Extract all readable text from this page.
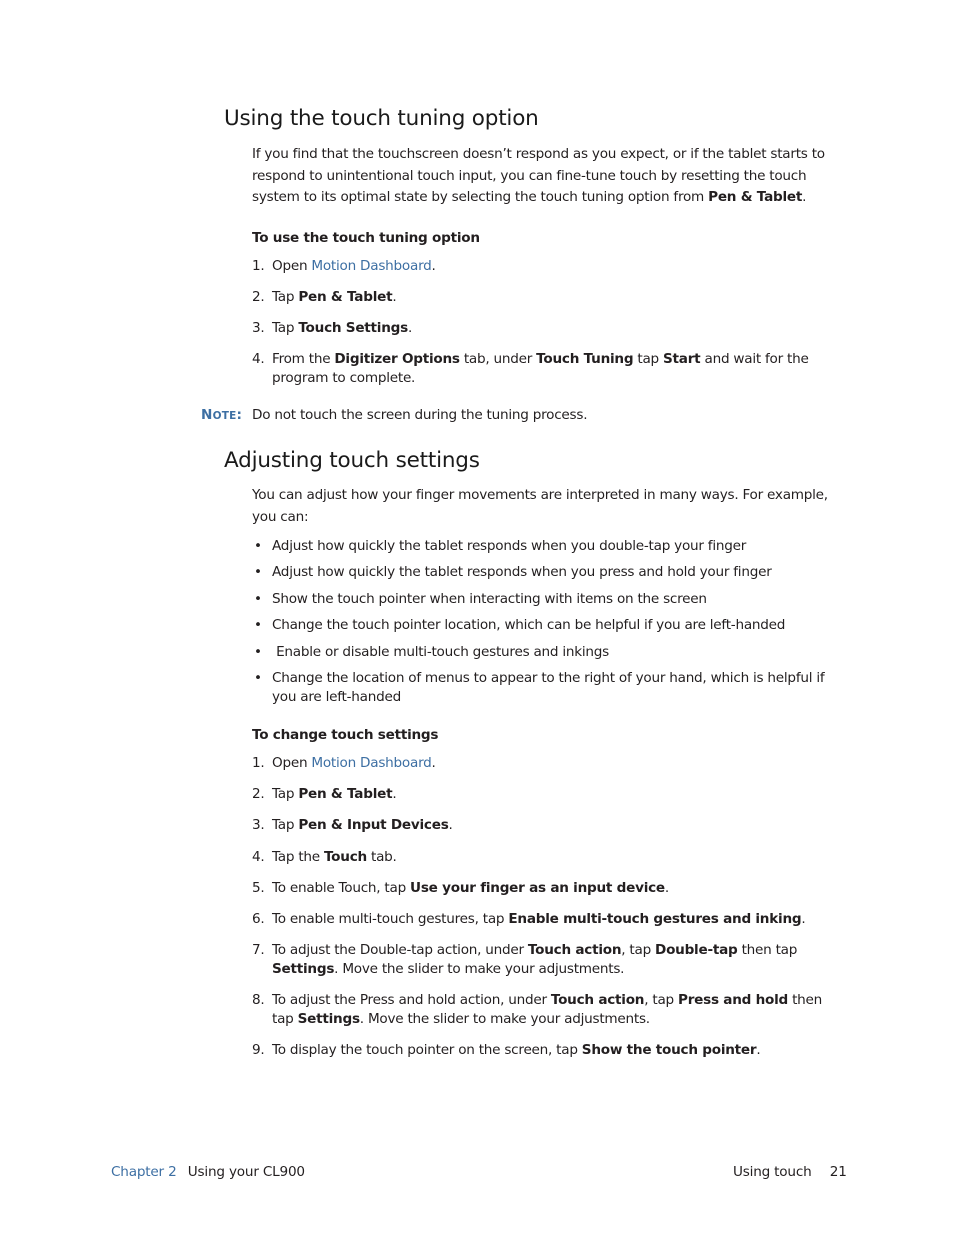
Using the touch tuning option
If you find that the touchscreen doesn’t respond as you expect, or if the tablet starts to respond to unintentional touch input, you can fine-tune touch by resetting the touch system to its optimal state by selecting the touch tuning option from Pen & Tablet.
To use the touch tuning option
1. Open Motion Dashboard.
2. Tap Pen & Tablet.
3. Tap Touch Settings.
4. From the Digitizer Options tab, under Touch Tuning tap Start and wait for the program to complete.
NOTE: Do not touch the screen during the tuning process.
Adjusting touch settings
You can adjust how your finger movements are interpreted in many ways. For example, you can:
• Adjust how quickly the tablet responds when you double-tap your finger
• Adjust how quickly the tablet responds when you press and hold your finger
• Show the touch pointer when interacting with items on the screen
• Change the touch pointer location, which can be helpful if you are left-handed
• Enable or disable multi-touch gestures and inkings
• Change the location of menus to appear to the right of your hand, which is helpful if you are left-handed
To change touch settings
1. Open Motion Dashboard.
2. Tap Pen & Tablet.
3. Tap Pen & Input Devices.
4. Tap the Touch tab.
5. To enable Touch, tap Use your finger as an input device.
6. To enable multi-touch gestures, tap Enable multi-touch gestures and inking.
7. To adjust the Double-tap action, under Touch action, tap Double-tap then tap Settings. Move the slider to make your adjustments.
8. To adjust the Press and hold action, under Touch action, tap Press and hold then tap Settings. Move the slider to make your adjustments.
9. To display the touch pointer on the screen, tap Show the touch pointer.
Chapter 2 Using your CL900	Using touch 21
